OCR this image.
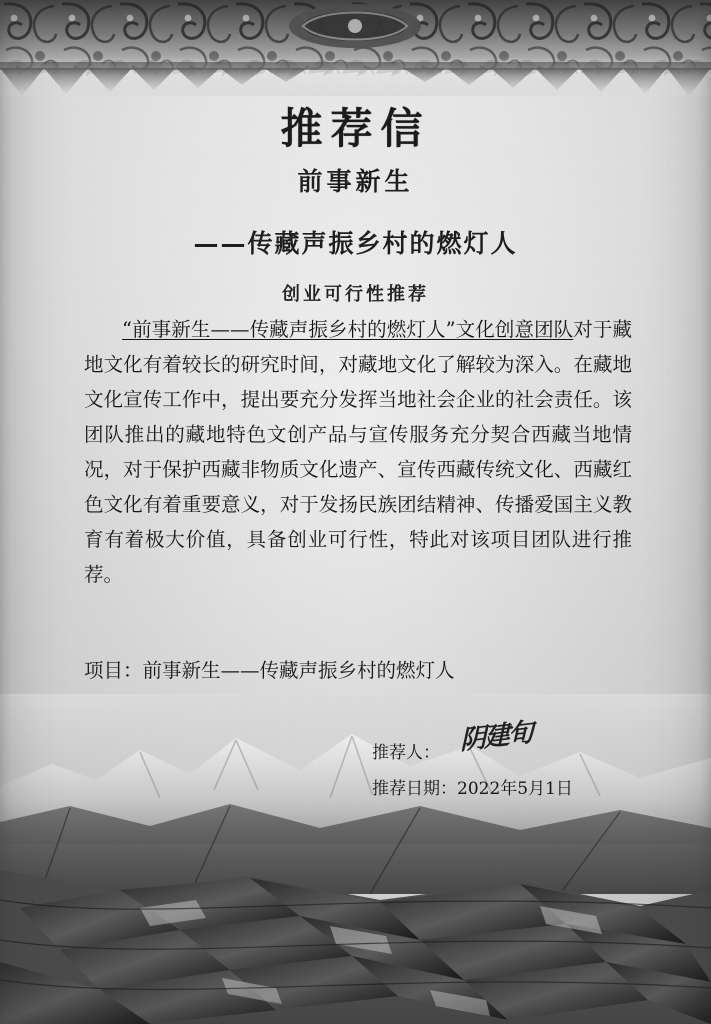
推荐信
前事新生
——传藏声振乡村的燃灯人
创业可行性推荐

“前事新生——传藏声振乡村的燃灯人”文化创意团队对于藏地文化有着较长的研究时间，对藏地文化了解较为深入。在藏地文化宣传工作中，提出要充分发挥当地社会企业的社会责任。该团队推出的藏地特色文创产品与宣传服务充分契合西藏当地情况，对于保护西藏非物质文化遗产、宣传西藏传统文化、西藏红色文化有着重要意义，对于发扬民族团结精神、传播爱国主义教育有着极大价值，具备创业可行性，特此对该项目团队进行推荐。

项目：前事新生——传藏声振乡村的燃灯人
推荐人： 阴建旬
推荐日期：2022年5月1日
